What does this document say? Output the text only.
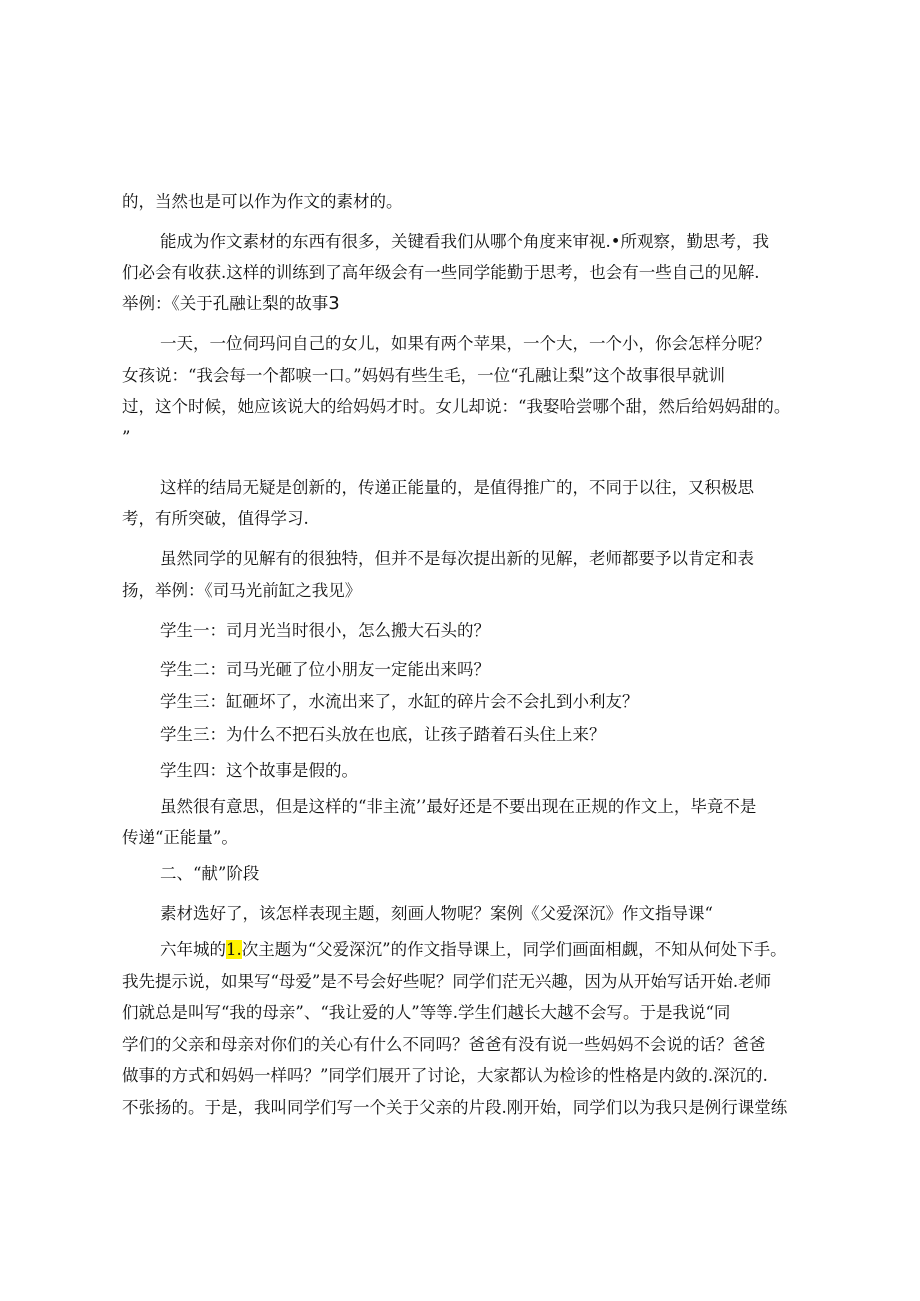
的，当然也是可以作为作文的素材的。

能成为作文素材的东西有很多，关键看我们从哪个角度来审视.•所观察，勤思考，我

们必会有收获.这样的训练到了高年级会有一些同学能勤于思考，也会有一些自己的见解.

举例：《关于孔融让梨的故事3

一天，一位伺玛问自己的女儿，如果有两个苹果，一个大，一个小，你会怎样分呢？

女孩说：“我会每一个都唳一口。”妈妈有些生毛，一位“孔融让梨”这个故事很早就训

过，这个时候，她应该说大的给妈妈才时。女儿却说：“我娶哈尝哪个甜，然后给妈妈甜的。

”

这样的结局无疑是创新的，传递正能量的，是值得推广的，不同于以往，又积极思

考，有所突破，值得学习.

虽然同学的见解有的很独特，但并不是每次提出新的见解，老师都要予以肯定和表

扬，举例：《司马光前缸之我见》

学生一：司月光当时很小，怎么搬大石头的？

学生二：司马光砸了位小朋友一定能出来吗？

学生三：缸砸坏了，水流出来了，水缸的碎片会不会扎到小利友？

学生三：为什么不把石头放在也底，让孩子踏着石头住上来？

学生四：这个故事是假的。

虽然很有意思，但是这样的“非主流’’最好还是不要出现在正规的作文上，毕竟不是

传递“正能量”。

二、“献”阶段

素材选好了，该怎样表现主题，刻画人物呢？案例《父爱深沉》作文指导课“

六年城的1.次主题为“父爱深沉”的作文指导课上，同学们画面相觑，不知从何处下手。

我先提示说，如果写“母爱”是不号会好些呢？同学们茫无兴趣，因为从开始写话开始.老师

们就总是叫写“我的母亲”、“我让爱的人”等等.学生们越长大越不会写。于是我说“同

学们的父亲和母亲对你们的关心有什么不同吗？爸爸有没有说一些妈妈不会说的话？爸爸

做事的方式和妈妈一样吗？”同学们展开了讨论，大家都认为检诊的性格是内敛的.深沉的.

不张扬的。于是，我叫同学们写一个关于父亲的片段.刚开始，同学们以为我只是例行课堂练
